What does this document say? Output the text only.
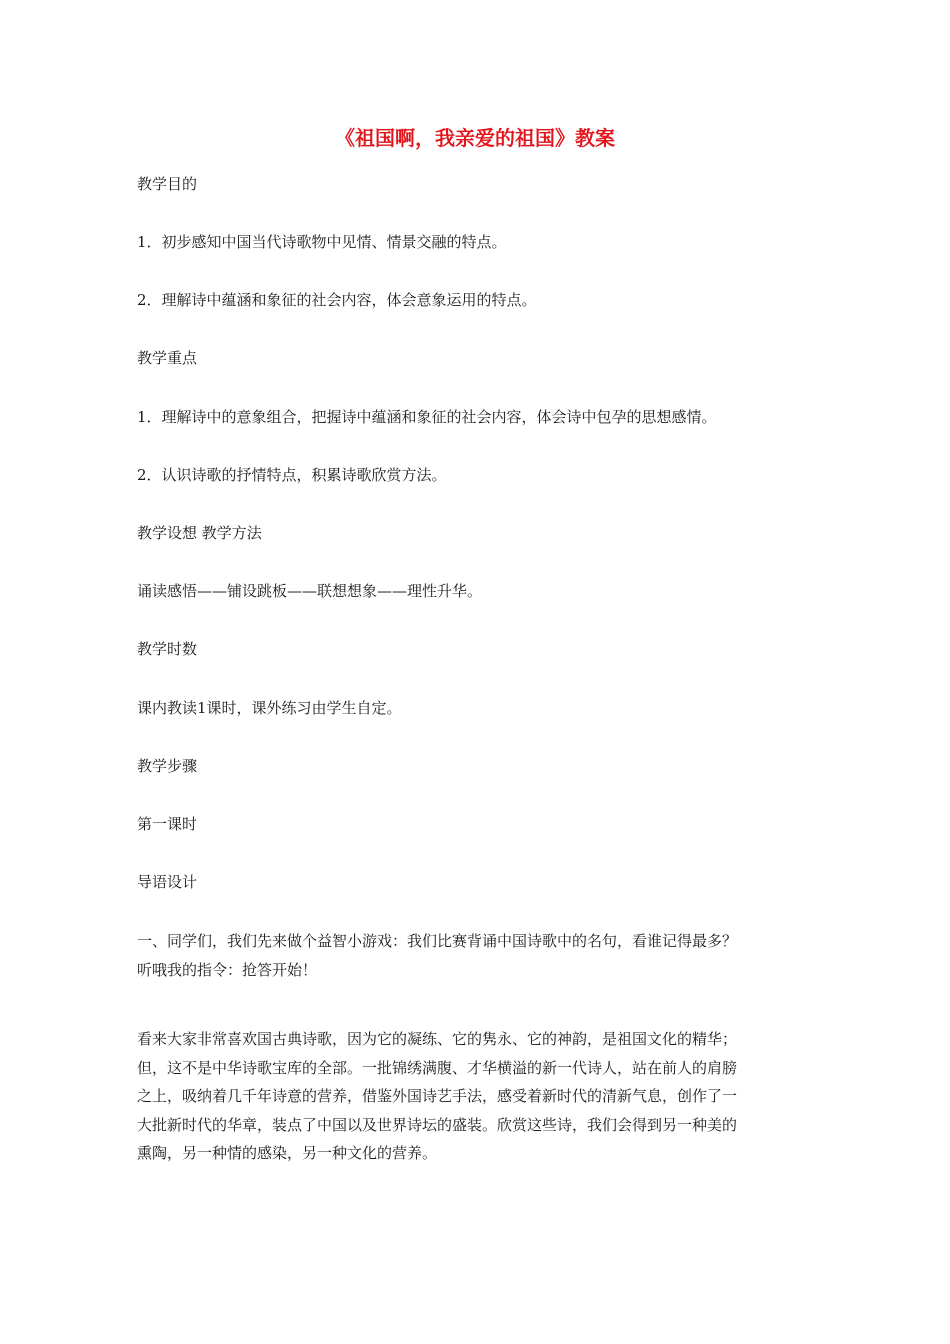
《祖国啊，我亲爱的祖国》教案

教学目的

1．初步感知中国当代诗歌物中见情、情景交融的特点。

2．理解诗中蕴涵和象征的社会内容，体会意象运用的特点。

教学重点

1．理解诗中的意象组合，把握诗中蕴涵和象征的社会内容，体会诗中包孕的思想感情。

2．认识诗歌的抒情特点，积累诗歌欣赏方法。

教学设想 教学方法

诵读感悟——铺设跳板——联想想象——理性升华。

教学时数

课内教读1课时，课外练习由学生自定。

教学步骤

第一课时

导语设计

一、同学们，我们先来做个益智小游戏：我们比赛背诵中国诗歌中的名句，看谁记得最多？
听哦我的指令：抢答开始！
看来大家非常喜欢国古典诗歌，因为它的凝练、它的隽永、它的神韵，是祖国文化的精华；
但，这不是中华诗歌宝库的全部。一批锦绣满腹、才华横溢的新一代诗人，站在前人的肩膀
之上，吸纳着几千年诗意的营养，借鉴外国诗艺手法，感受着新时代的清新气息，创作了一
大批新时代的华章，装点了中国以及世界诗坛的盛装。欣赏这些诗，我们会得到另一种美的
熏陶，另一种情的感染，另一种文化的营养。
